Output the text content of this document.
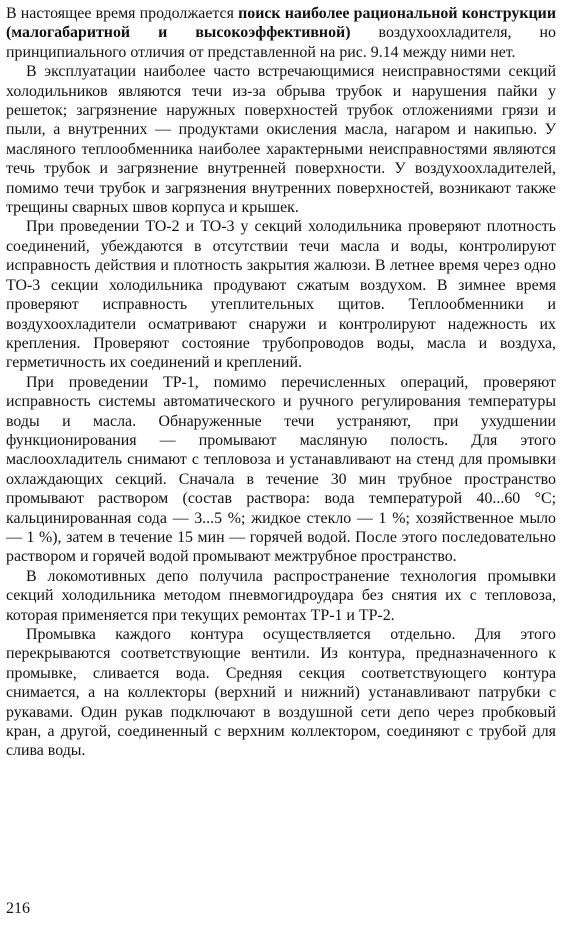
В настоящее время продолжается поиск наиболее рациональной конструкции (малогабаритной и высокоэффективной) воздухоохладителя, но принципиального отличия от представленной на рис. 9.14 между ними нет.

В эксплуатации наиболее часто встречающимися неисправностями секций холодильников являются течи из-за обрыва трубок и нарушения пайки у решеток; загрязнение наружных поверхностей трубок отложениями грязи и пыли, а внутренних — продуктами окисления масла, нагаром и накипью. У масляного теплообменника наиболее характерными неисправностями являются течь трубок и загрязнение внутренней поверхности. У воздухоохладителей, помимо течи трубок и загрязнения внутренних поверхностей, возникают также трещины сварных швов корпуса и крышек.

При проведении ТО-2 и ТО-3 у секций холодильника проверяют плотность соединений, убеждаются в отсутствии течи масла и воды, контролируют исправность действия и плотность закрытия жалюзи. В летнее время через одно ТО-3 секции холодильника продувают сжатым воздухом. В зимнее время проверяют исправность утеплительных щитов. Теплообменники и воздухоохладители осматривают снаружи и контролируют надежность их крепления. Проверяют состояние трубопроводов воды, масла и воздуха, герметичность их соединений и креплений.

При проведении ТР-1, помимо перечисленных операций, проверяют исправность системы автоматического и ручного регулирования температуры воды и масла. Обнаруженные течи устраняют, при ухудшении функционирования — промывают масляную полость. Для этого маслоохладитель снимают с тепловоза и устанавливают на стенд для промывки охлаждающих секций. Сначала в течение 30 мин трубное пространство промывают раствором (состав раствора: вода температурой 40...60 °С; кальцинированная сода — 3...5 %; жидкое стекло — 1 %; хозяйственное мыло — 1 %), затем в течение 15 мин — горячей водой. После этого последовательно раствором и горячей водой промывают межтрубное пространство.

В локомотивных депо получила распространение технология промывки секций холодильника методом пневмогидроудара без снятия их с тепловоза, которая применяется при текущих ремонтах ТР-1 и ТР-2.

Промывка каждого контура осуществляется отдельно. Для этого перекрываются соответствующие вентили. Из контура, предназначенного к промывке, сливается вода. Средняя секция соответствующего контура снимается, а на коллекторы (верхний и нижний) устанавливают патрубки с рукавами. Один рукав подключают в воздушной сети депо через пробковый кран, а другой, соединенный с верхним коллектором, соединяют с трубой для слива воды.

216
